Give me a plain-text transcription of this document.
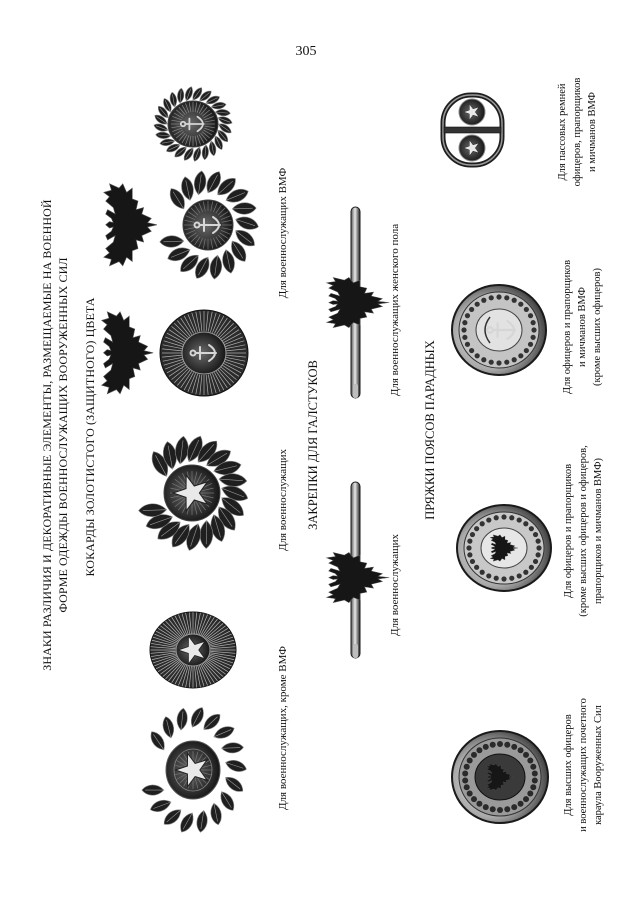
305
ЗНАКИ РАЗЛИЧИЯ И ДЕКОРАТИВНЫЕ ЭЛЕМЕНТЫ, РАЗМЕЩАЕМЫЕ НА ВОЕННОЙ ФОРМЕ ОДЕЖДЫ ВОЕННОСЛУЖАЩИХ ВООРУЖЕННЫХ СИЛ КОКАРДЫ ЗОЛОТИСТОГО (ЗАЩИТНОГО) ЦВЕТА
Для военнослужащих, кроме ВМФ
Для военнослужащих
Для военнослужащих ВМФ
ЗАКРЕПКИ ДЛЯ ГАЛСТУКОВ
Для военнослужащих
Для военнослужащих женского пола
ПРЯЖКИ ПОЯСОВ ПАРАДНЫХ
Для высших офицеров и военнослужащих почетного караула Вооруженных Сил
Для офицеров и прапорщиков (кроме высших офицеров и офицеров, прапорщиков и мичманов ВМФ)
Для офицеров и прапорщиков и мичманов ВМФ (кроме высших офицеров)
Для пассовых ремней офицеров, прапорщиков и мичманов ВМФ
